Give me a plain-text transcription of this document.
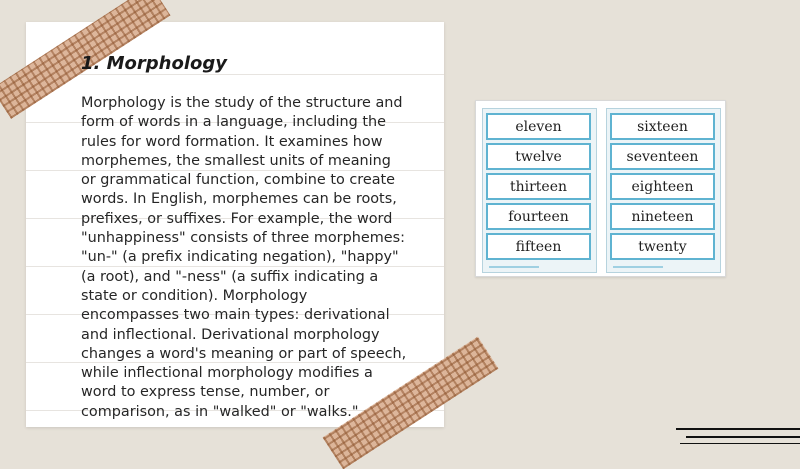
1. Morphology

Morphology is the study of the structure and
form of words in a language, including the
rules for word formation. It examines how
morphemes, the smallest units of meaning
or grammatical function, combine to create
words. In English, morphemes can be roots,
prefixes, or suffixes. For example, the word
"unhappiness" consists of three morphemes:
"un-" (a prefix indicating negation), "happy"
(a root), and "-ness" (a suffix indicating a
state or condition). Morphology
encompasses two main types: derivational
and inflectional. Derivational morphology
changes a word's meaning or part of speech,
while inflectional morphology modifies a
word to express tense, number, or
comparison, as in "walked" or "walks."

eleven
twelve
thirteen
fourteen
fifteen
sixteen
seventeen
eighteen
nineteen
twenty
